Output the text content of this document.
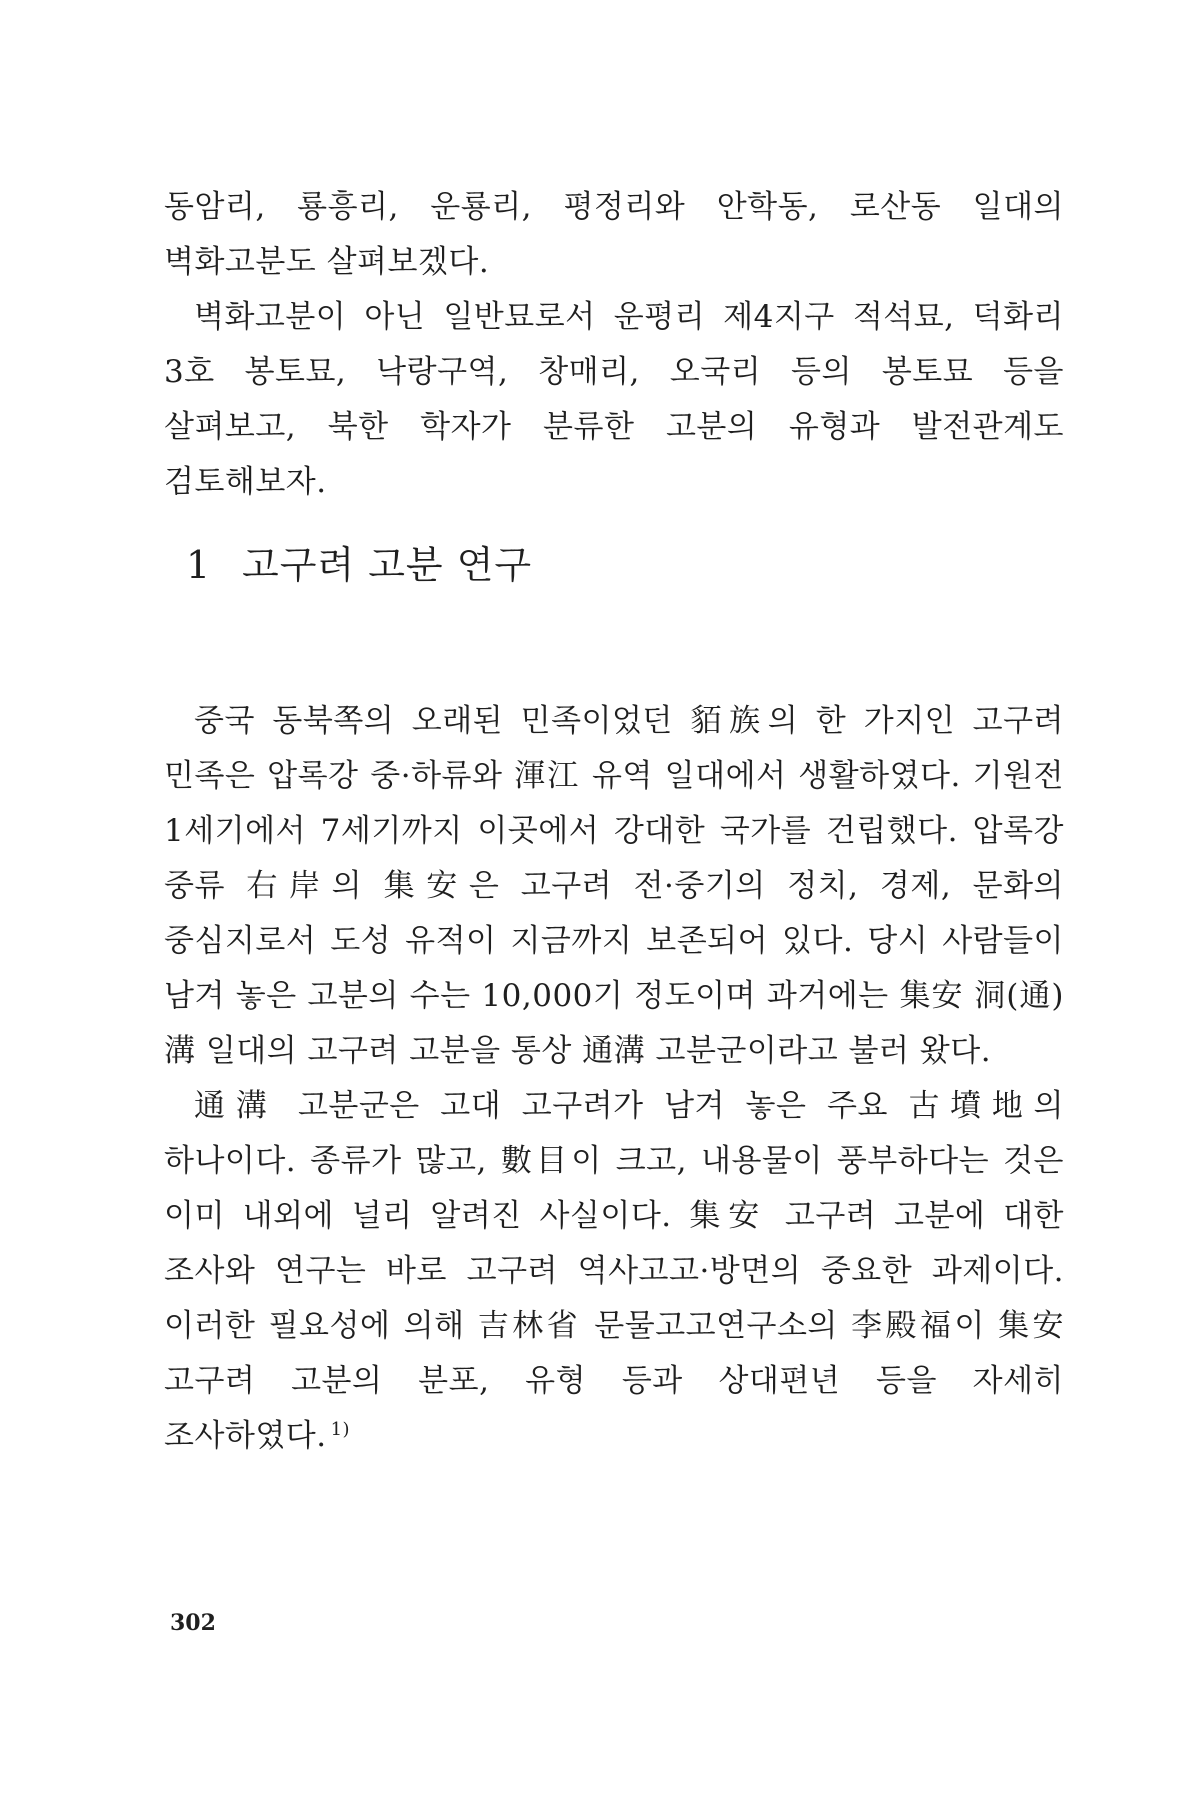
동암리, 룡흥리, 운룡리, 평정리와 안학동, 로산동 일대의 벽화고분도 살펴보겠다.

벽화고분이 아닌 일반묘로서 운평리 제4지구 적석묘, 덕화리 3호 봉토묘, 낙랑구역, 창매리, 오국리 등의 봉토묘 등을 살펴보고, 북한 학자가 분류한 고분의 유형과 발전관계도 검토해보자.

1 고구려 고분 연구

중국 동북쪽의 오래된 민족이었던 貊族의 한 가지인 고구려 민족은 압록강 중·하류와 渾江 유역 일대에서 생활하였다. 기원전 1세기에서 7세기까지 이곳에서 강대한 국가를 건립했다. 압록강 중류 右岸의 集安은 고구려 전·중기의 정치, 경제, 문화의 중심지로서 도성 유적이 지금까지 보존되어 있다. 당시 사람들이 남겨 놓은 고분의 수는 10,000기 정도이며 과거에는 集安 洞(通)溝 일대의 고구려 고분을 통상 通溝 고분군이라고 불러 왔다.

通溝 고분군은 고대 고구려가 남겨 놓은 주요 古墳地의 하나이다. 종류가 많고, 數目이 크고, 내용물이 풍부하다는 것은 이미 내외에 널리 알려진 사실이다. 集安 고구려 고분에 대한 조사와 연구는 바로 고구려 역사고고·방면의 중요한 과제이다. 이러한 필요성에 의해 吉林省 문물고고연구소의 李殿福이 集安 고구려 고분의 분포, 유형 등과 상대편년 등을 자세히 조사하였다. $^{1)}$

302
